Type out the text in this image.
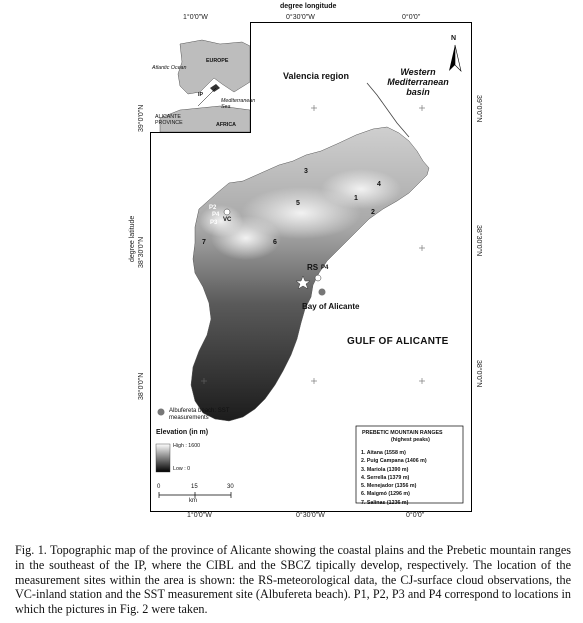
degree longitude
1°0'0"W	0°30'0"W	0°0'0"
1°0'0"W	0°30'0"W	0°0'0"
degree latitude
39°0'0"N
38°30'0"N
38°0'0"N
39°0'0"N
38°30'0"N
38°0'0"N
Valencia region	Western Mediterranean basin
GULF OF ALICANTE
Bay of Alicante
N
1
2
3
4
5
6
7
RS P4
CJ
VC
P2
P4
P3
Albufereta beach: SST measurements
Elevation (in m)
High : 1600
Low : 0
0	15	30
km
PREBETIC MOUNTAIN RANGES
(highest peaks)
1. Aitana (1558 m)
2. Puig Campana (1406 m)
3. Mariola (1390 m)
4. Serrella (1379 m)
5. Menejador (1356 m)
6. Maigmó (1296 m)
7. Salinas (1236 m)
EUROPE
Atlantic Ocean
IP
Mediterranean Sea
ALICANTE PROVINCE	AFRICA
Fig. 1. Topographic map of the province of Alicante showing the coastal plains and the Prebetic mountain ranges in the southeast of the IP, where the CIBL and the SBCZ tipically develop, respectively. The location of the measurement sites within the area is shown: the RS-meteorological data, the CJ-surface cloud observations, the VC-inland station and the SST measurement site (Albufereta beach). P1, P2, P3 and P4 correspond to locations in which the pictures in Fig. 2 were taken.
